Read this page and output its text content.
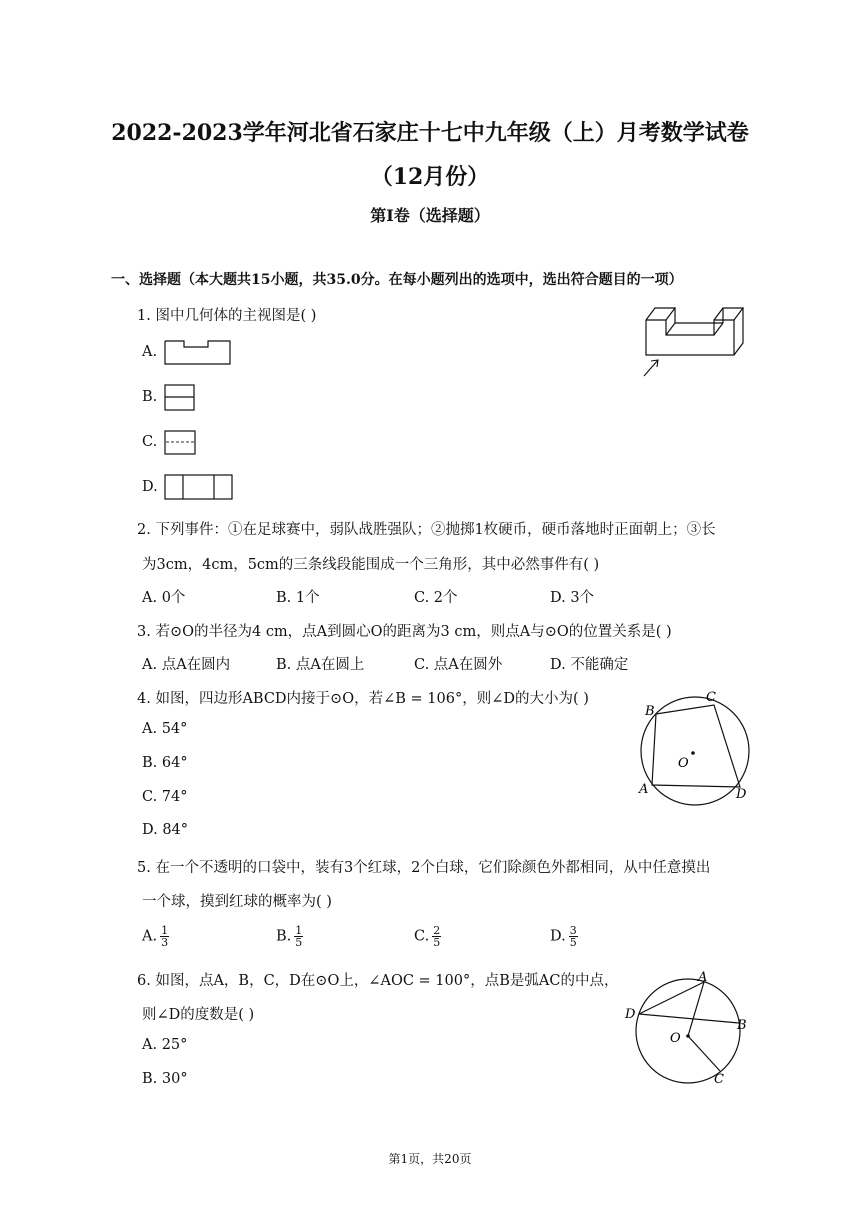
2022-2023学年河北省石家庄十七中九年级（上）月考数学试卷
（12月份）
第I卷（选择题）
一、选择题（本大题共15小题，共35.0分。在每小题列出的选项中，选出符合题目的一项）
1. 图中几何体的主视图是( )
A.
B.
C.
D.
2. 下列事件：①在足球赛中，弱队战胜强队；②抛掷1枚硬币，硬币落地时正面朝上；③长
为3cm，4cm，5cm的三条线段能围成一个三角形，其中必然事件有( )
A. 0个	B. 1个	C. 2个	D. 3个
3. 若⊙O的半径为4 cm，点A到圆心O的距离为3 cm，则点A与⊙O的位置关系是( )
A. 点A在圆内	B. 点A在圆上	C. 点A在圆外	D. 不能确定
4. 如图，四边形ABCD内接于⊙O，若∠B = 106°，则∠D的大小为( )
A. 54°
B. 64°
C. 74°
D. 84°
B
C
O
A	D
5. 在一个不透明的口袋中，装有3个红球，2个白球，它们除颜色外都相同，从中任意摸出
一个球，摸到红球的概率为( )
A. $\frac{1}{3}$	B. $\frac{1}{5}$	C. $\frac{2}{5}$	D. $\frac{3}{5}$
6. 如图，点A，B，C，D在⊙O上，∠AOC = 100°，点B是弧AC的中点，
则∠D的度数是( )
A. 25°
B. 30°
A
D
B
O
C
第1页，共20页
